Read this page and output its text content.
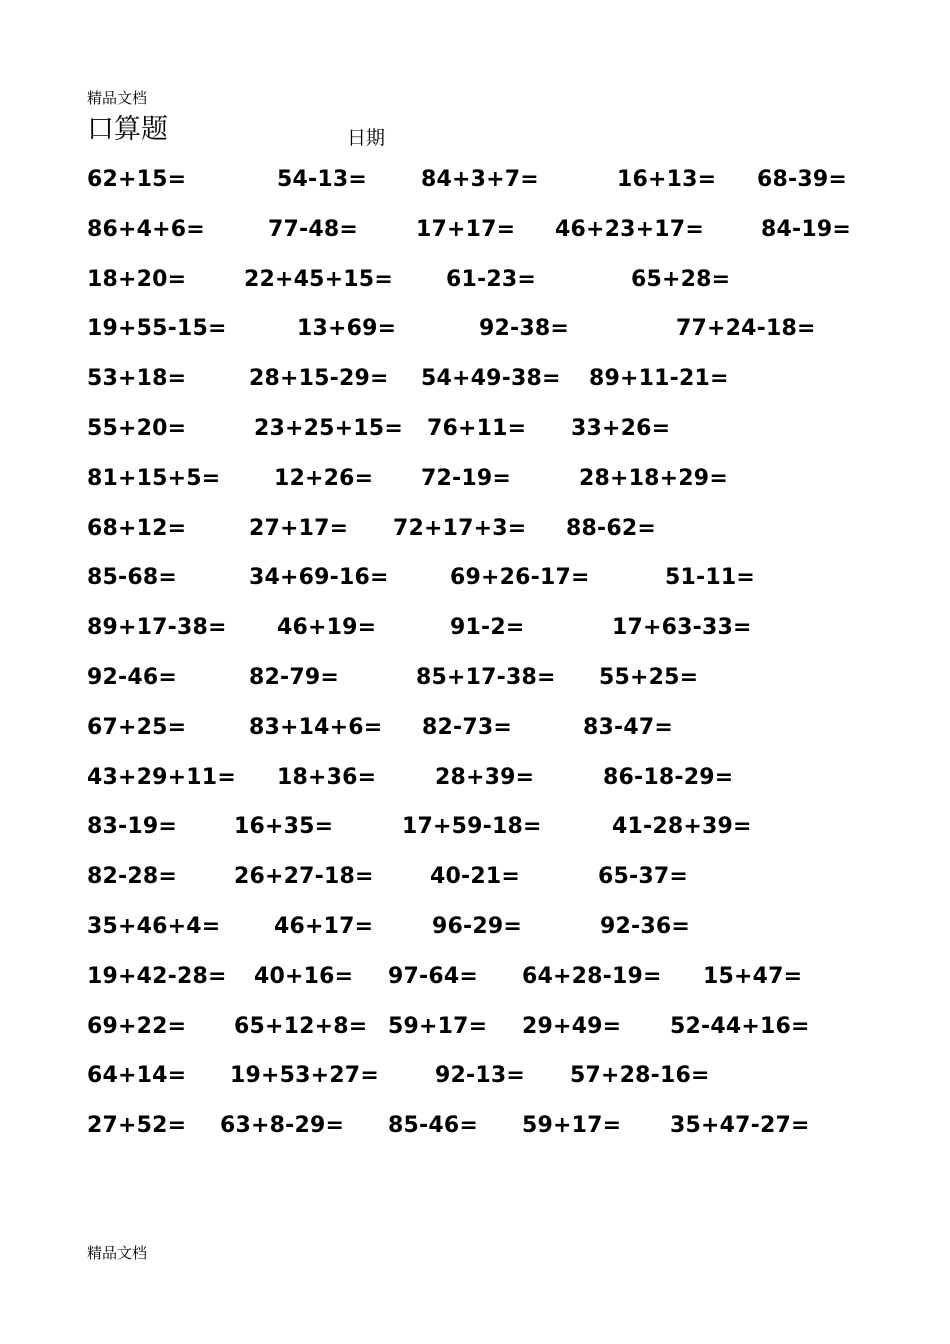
精品文档
口算题	日期
62+15=	54-13= 84+3+7=	16+13= 68-39=
86+4+6=	77-48=	17+17= 46+23+17=	84-19=
18+20=	22+45+15= 61-23=	65+28=
19+55-15=	13+69=	92-38=	77+24-18=
53+18=	28+15-29= 54+49-38= 89+11-21=
55+20=	23+25+15= 76+11= 33+26=
81+15+5= 12+26= 72-19=	28+18+29=
68+12=	27+17= 72+17+3= 88-62=
85-68=	34+69-16=	69+26-17=	51-11=
89+17-38= 46+19=	91-2=	17+63-33=
92-46=	82-79=	85+17-38= 55+25=
67+25=	83+14+6= 82-73=	83-47=
43+29+11= 18+36=	28+39=	86-18-29=
83-19=	16+35=	17+59-18=	41-28+39=
82-28=	26+27-18=	40-21=	65-37=
35+46+4= 46+17=	96-29=	92-36=
19+42-28= 40+16= 97-64= 64+28-19= 15+47=
69+22= 65+12+8= 59+17= 29+49= 52-44+16=
64+14= 19+53+27=	92-13= 57+28-16=
27+52= 63+8-29= 85-46= 59+17= 35+47-27=
精品文档
